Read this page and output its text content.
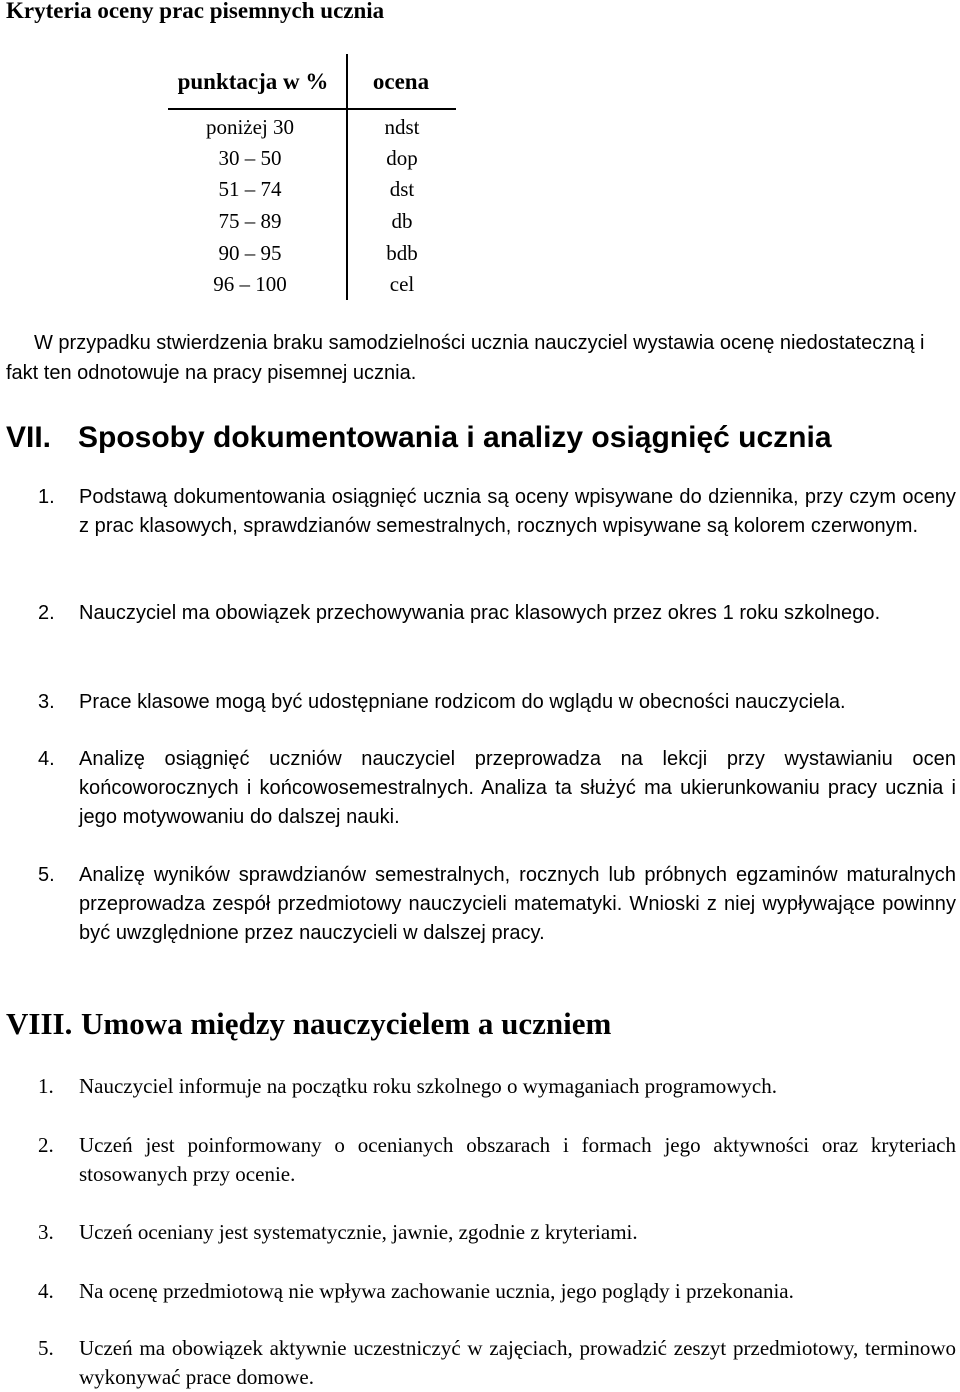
Kryteria oceny prac pisemnych ucznia
punktacja w %	ocena
poniżej 30	ndst
30 – 50	dop
51 – 74	dst
75 – 89	db
90 – 95	bdb
96 – 100	cel
W przypadku stwierdzenia braku samodzielności ucznia nauczyciel wystawia ocenę niedostateczną i fakt ten odnotowuje na pracy pisemnej ucznia.
VII. Sposoby dokumentowania i analizy osiągnięć ucznia
1. Podstawą dokumentowania osiągnięć ucznia są oceny wpisywane do dziennika, przy czym oceny z prac klasowych, sprawdzianów semestralnych, rocznych wpisywane są kolorem czerwonym.
2. Nauczyciel ma obowiązek przechowywania prac klasowych przez okres 1 roku szkolnego.
3. Prace klasowe mogą być udostępniane rodzicom do wglądu w obecności nauczyciela.
4. Analizę osiągnięć uczniów nauczyciel przeprowadza na lekcji przy wystawianiu ocen końcoworocznych i końcowosemestralnych. Analiza ta służyć ma ukierunkowaniu pracy ucznia i jego motywowaniu do dalszej nauki.
5. Analizę wyników sprawdzianów semestralnych, rocznych lub próbnych egzaminów maturalnych przeprowadza zespół przedmiotowy nauczycieli matematyki. Wnioski z niej wypływające powinny być uwzględnione przez nauczycieli w dalszej pracy.
VIII. Umowa między nauczycielem a uczniem
1. Nauczyciel informuje na początku roku szkolnego o wymaganiach programowych.
2. Uczeń jest poinformowany o ocenianych obszarach i formach jego aktywności oraz kryteriach stosowanych przy ocenie.
3. Uczeń oceniany jest systematycznie, jawnie, zgodnie z kryteriami.
4. Na ocenę przedmiotową nie wpływa zachowanie ucznia, jego poglądy i przekonania.
5. Uczeń ma obowiązek aktywnie uczestniczyć w zajęciach, prowadzić zeszyt przedmiotowy, terminowo wykonywać prace domowe.
